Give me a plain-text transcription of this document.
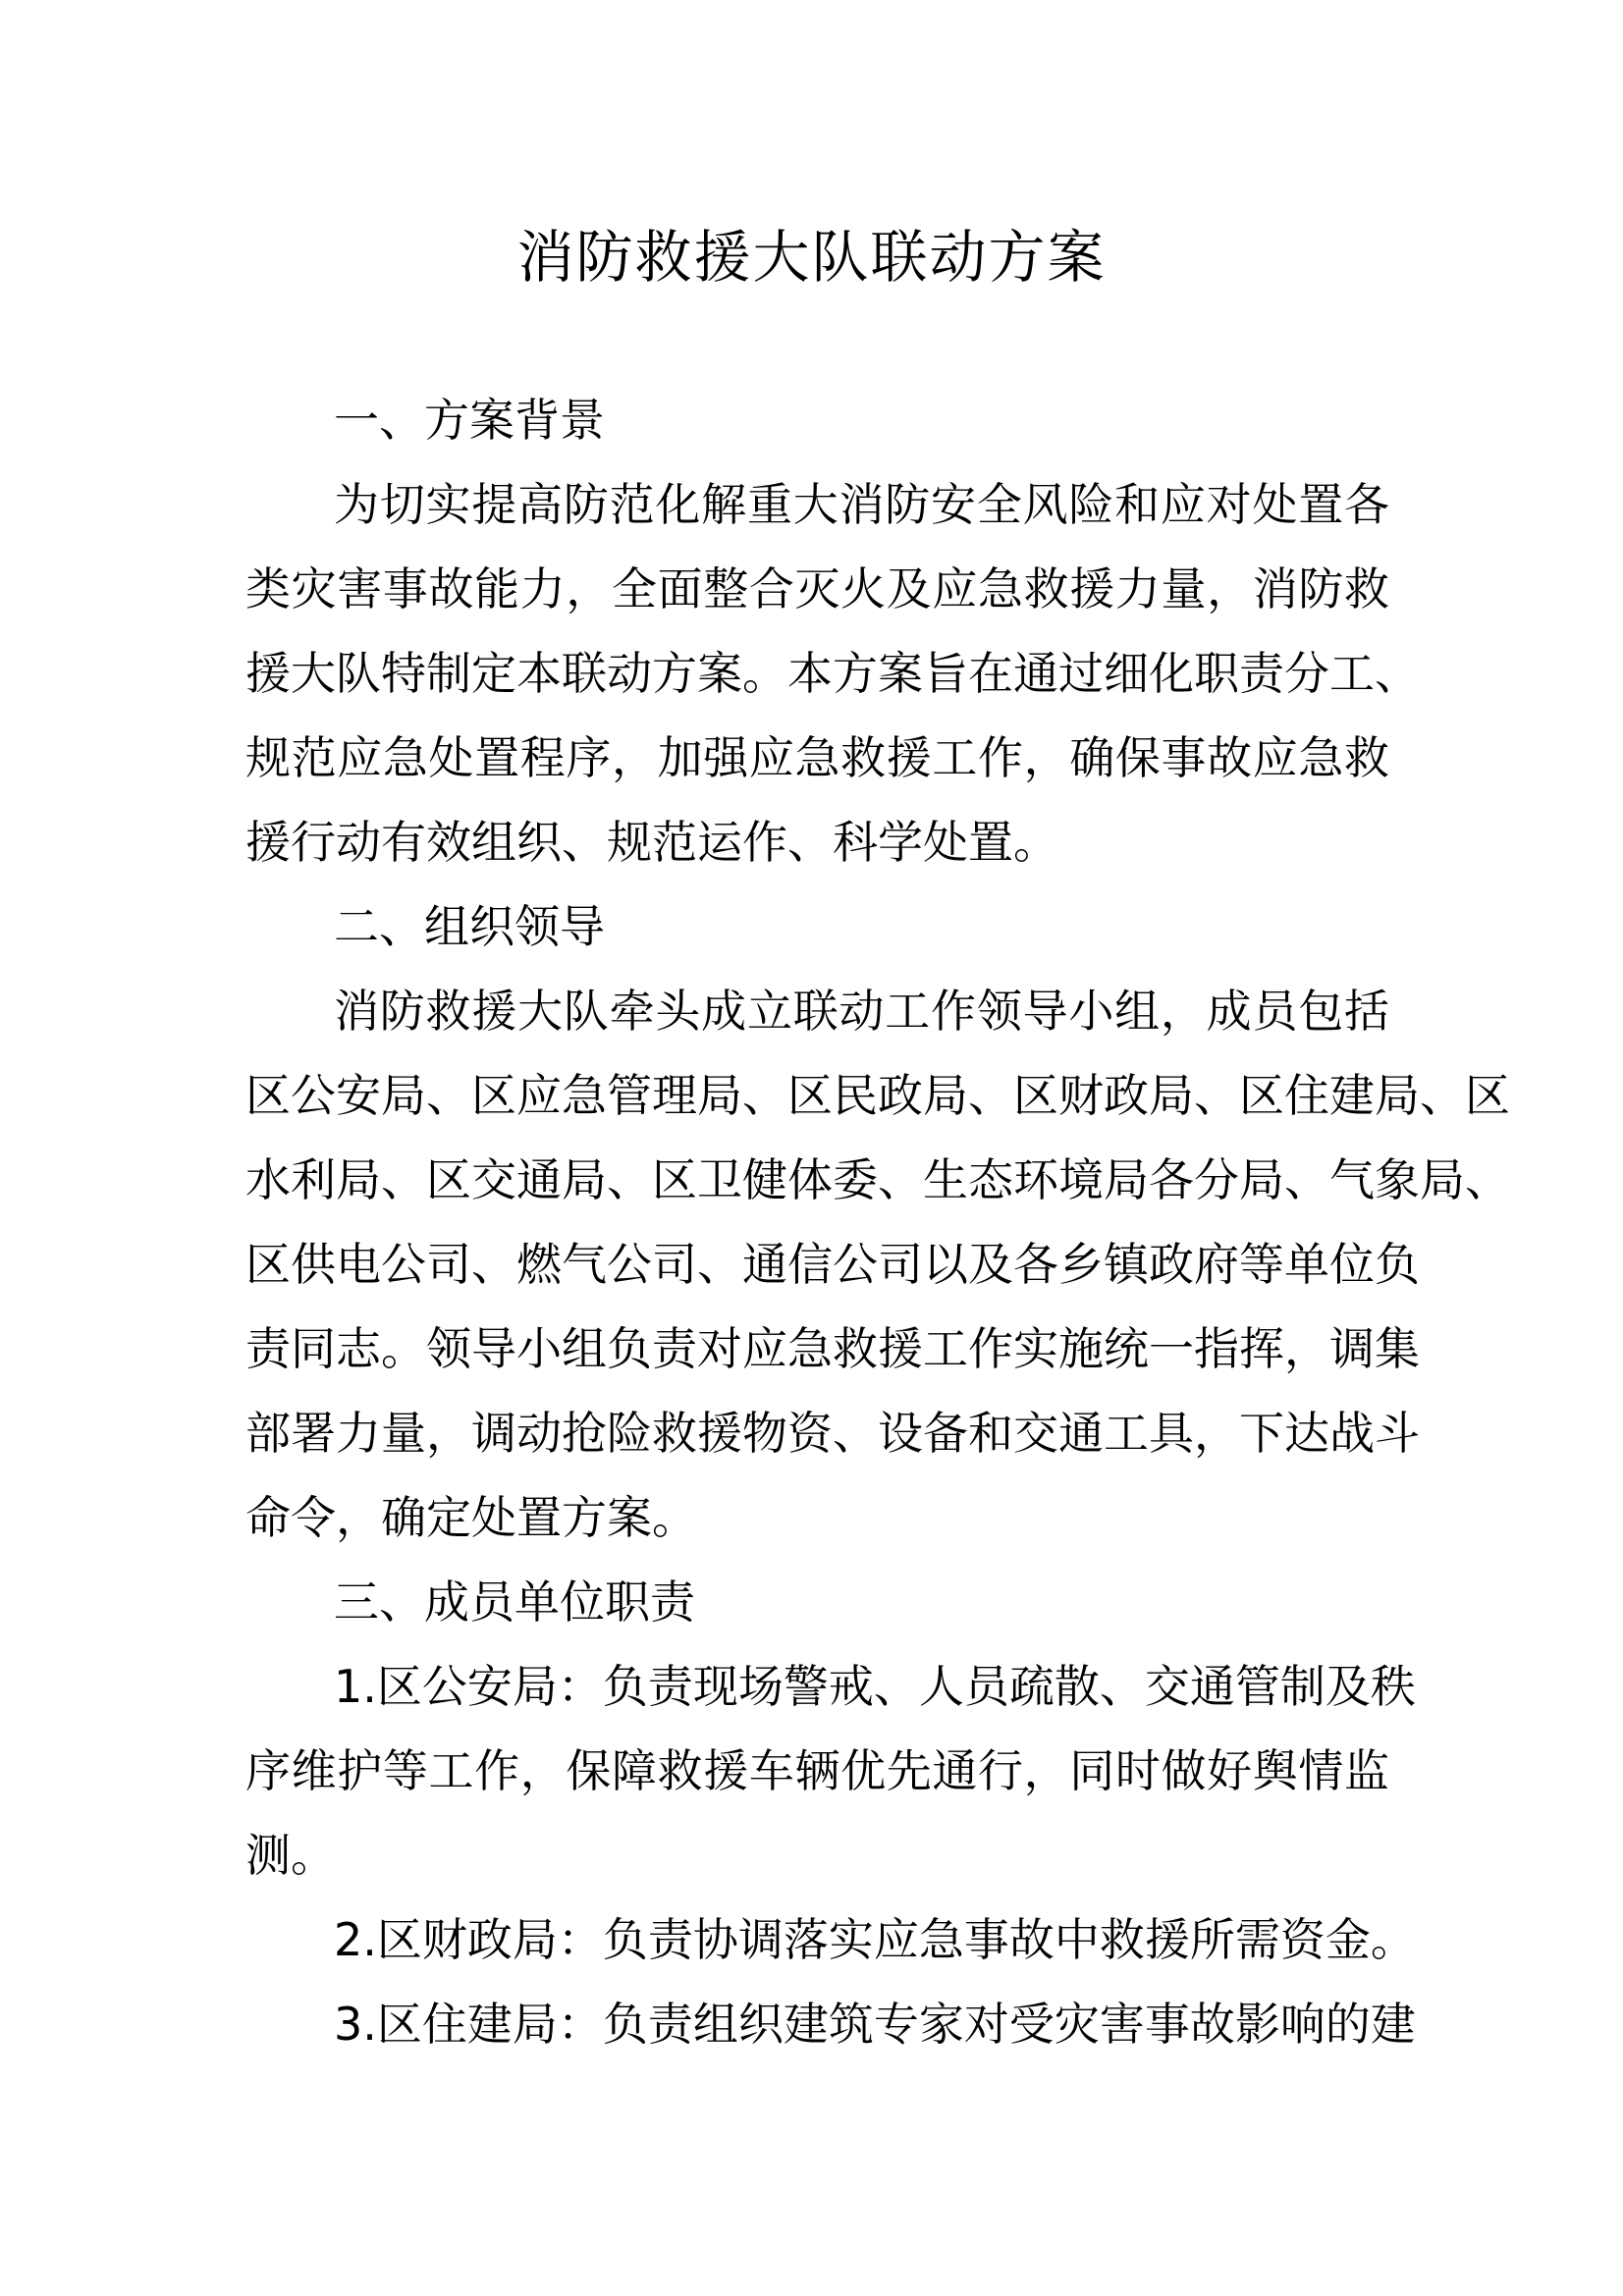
消防救援大队联动方案
一、方案背景
为切实提高防范化解重大消防安全风险和应对处置各
类灾害事故能力，全面整合灭火及应急救援力量，消防救
援大队特制定本联动方案。本方案旨在通过细化职责分工、
规范应急处置程序，加强应急救援工作，确保事故应急救
援行动有效组织、规范运作、科学处置。
二、组织领导
消防救援大队牵头成立联动工作领导小组，成员包括
区公安局、区应急管理局、区民政局、区财政局、区住建局、区
水利局、区交通局、区卫健体委、生态环境局各分局、气象局、
区供电公司、燃气公司、通信公司以及各乡镇政府等单位负
责同志。领导小组负责对应急救援工作实施统一指挥，调集
部署力量，调动抢险救援物资、设备和交通工具，下达战斗
命令，确定处置方案。
三、成员单位职责
1.区公安局：负责现场警戒、人员疏散、交通管制及秩
序维护等工作，保障救援车辆优先通行，同时做好舆情监
测。
2.区财政局：负责协调落实应急事故中救援所需资金。
3.区住建局：负责组织建筑专家对受灾害事故影响的建
